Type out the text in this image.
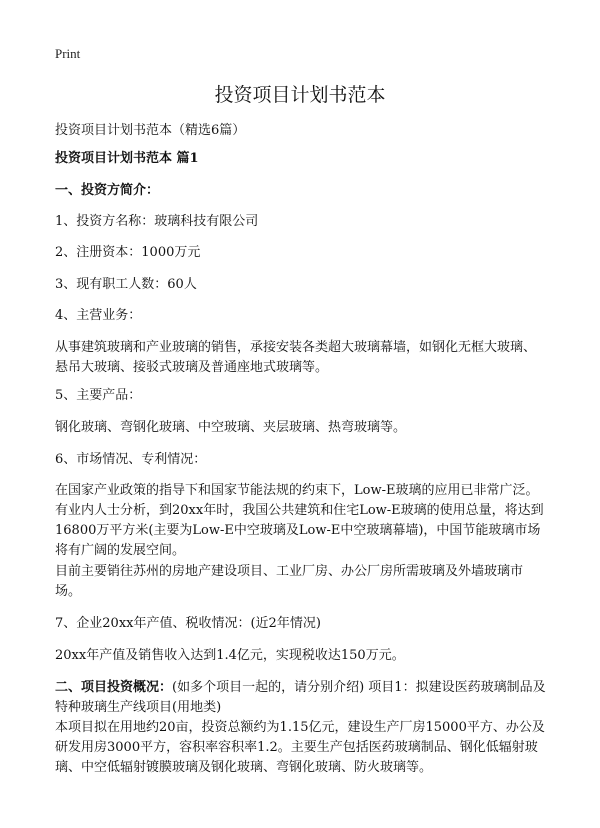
Print
投资项目计划书范本

投资项目计划书范本（精选6篇）

投资项目计划书范本 篇1

一、投资方简介：

1、投资方名称：玻璃科技有限公司

2、注册资本：1000万元

3、现有职工人数：60人

4、主营业务：

从事建筑玻璃和产业玻璃的销售，承接安装各类超大玻璃幕墙，如钢化无框大玻璃、悬吊大玻璃、接驳式玻璃及普通座地式玻璃等。

5、主要产品：

钢化玻璃、弯钢化玻璃、中空玻璃、夹层玻璃、热弯玻璃等。

6、市场情况、专利情况：

在国家产业政策的指导下和国家节能法规的约束下，Low-E玻璃的应用已非常广泛。有业内人士分析，到20xx年时，我国公共建筑和住宅Low-E玻璃的使用总量，将达到16800万平方米(主要为Low-E中空玻璃及Low-E中空玻璃幕墙)，中国节能玻璃市场将有广阔的发展空间。

目前主要销往苏州的房地产建设项目、工业厂房、办公厂房所需玻璃及外墙玻璃市场。

7、企业20xx年产值、税收情况：(近2年情况)

20xx年产值及销售收入达到1.4亿元，实现税收达150万元。

二、项目投资概况：(如多个项目一起的，请分别介绍) 项目1：拟建设医药玻璃制品及特种玻璃生产线项目(用地类)

本项目拟在用地约20亩，投资总额约为1.15亿元，建设生产厂房15000平方、办公及研发用房3000平方，容积率容积率1.2。主要生产包括医药玻璃制品、钢化低辐射玻璃、中空低辐射镀膜玻璃及钢化玻璃、弯钢化玻璃、防火玻璃等。
